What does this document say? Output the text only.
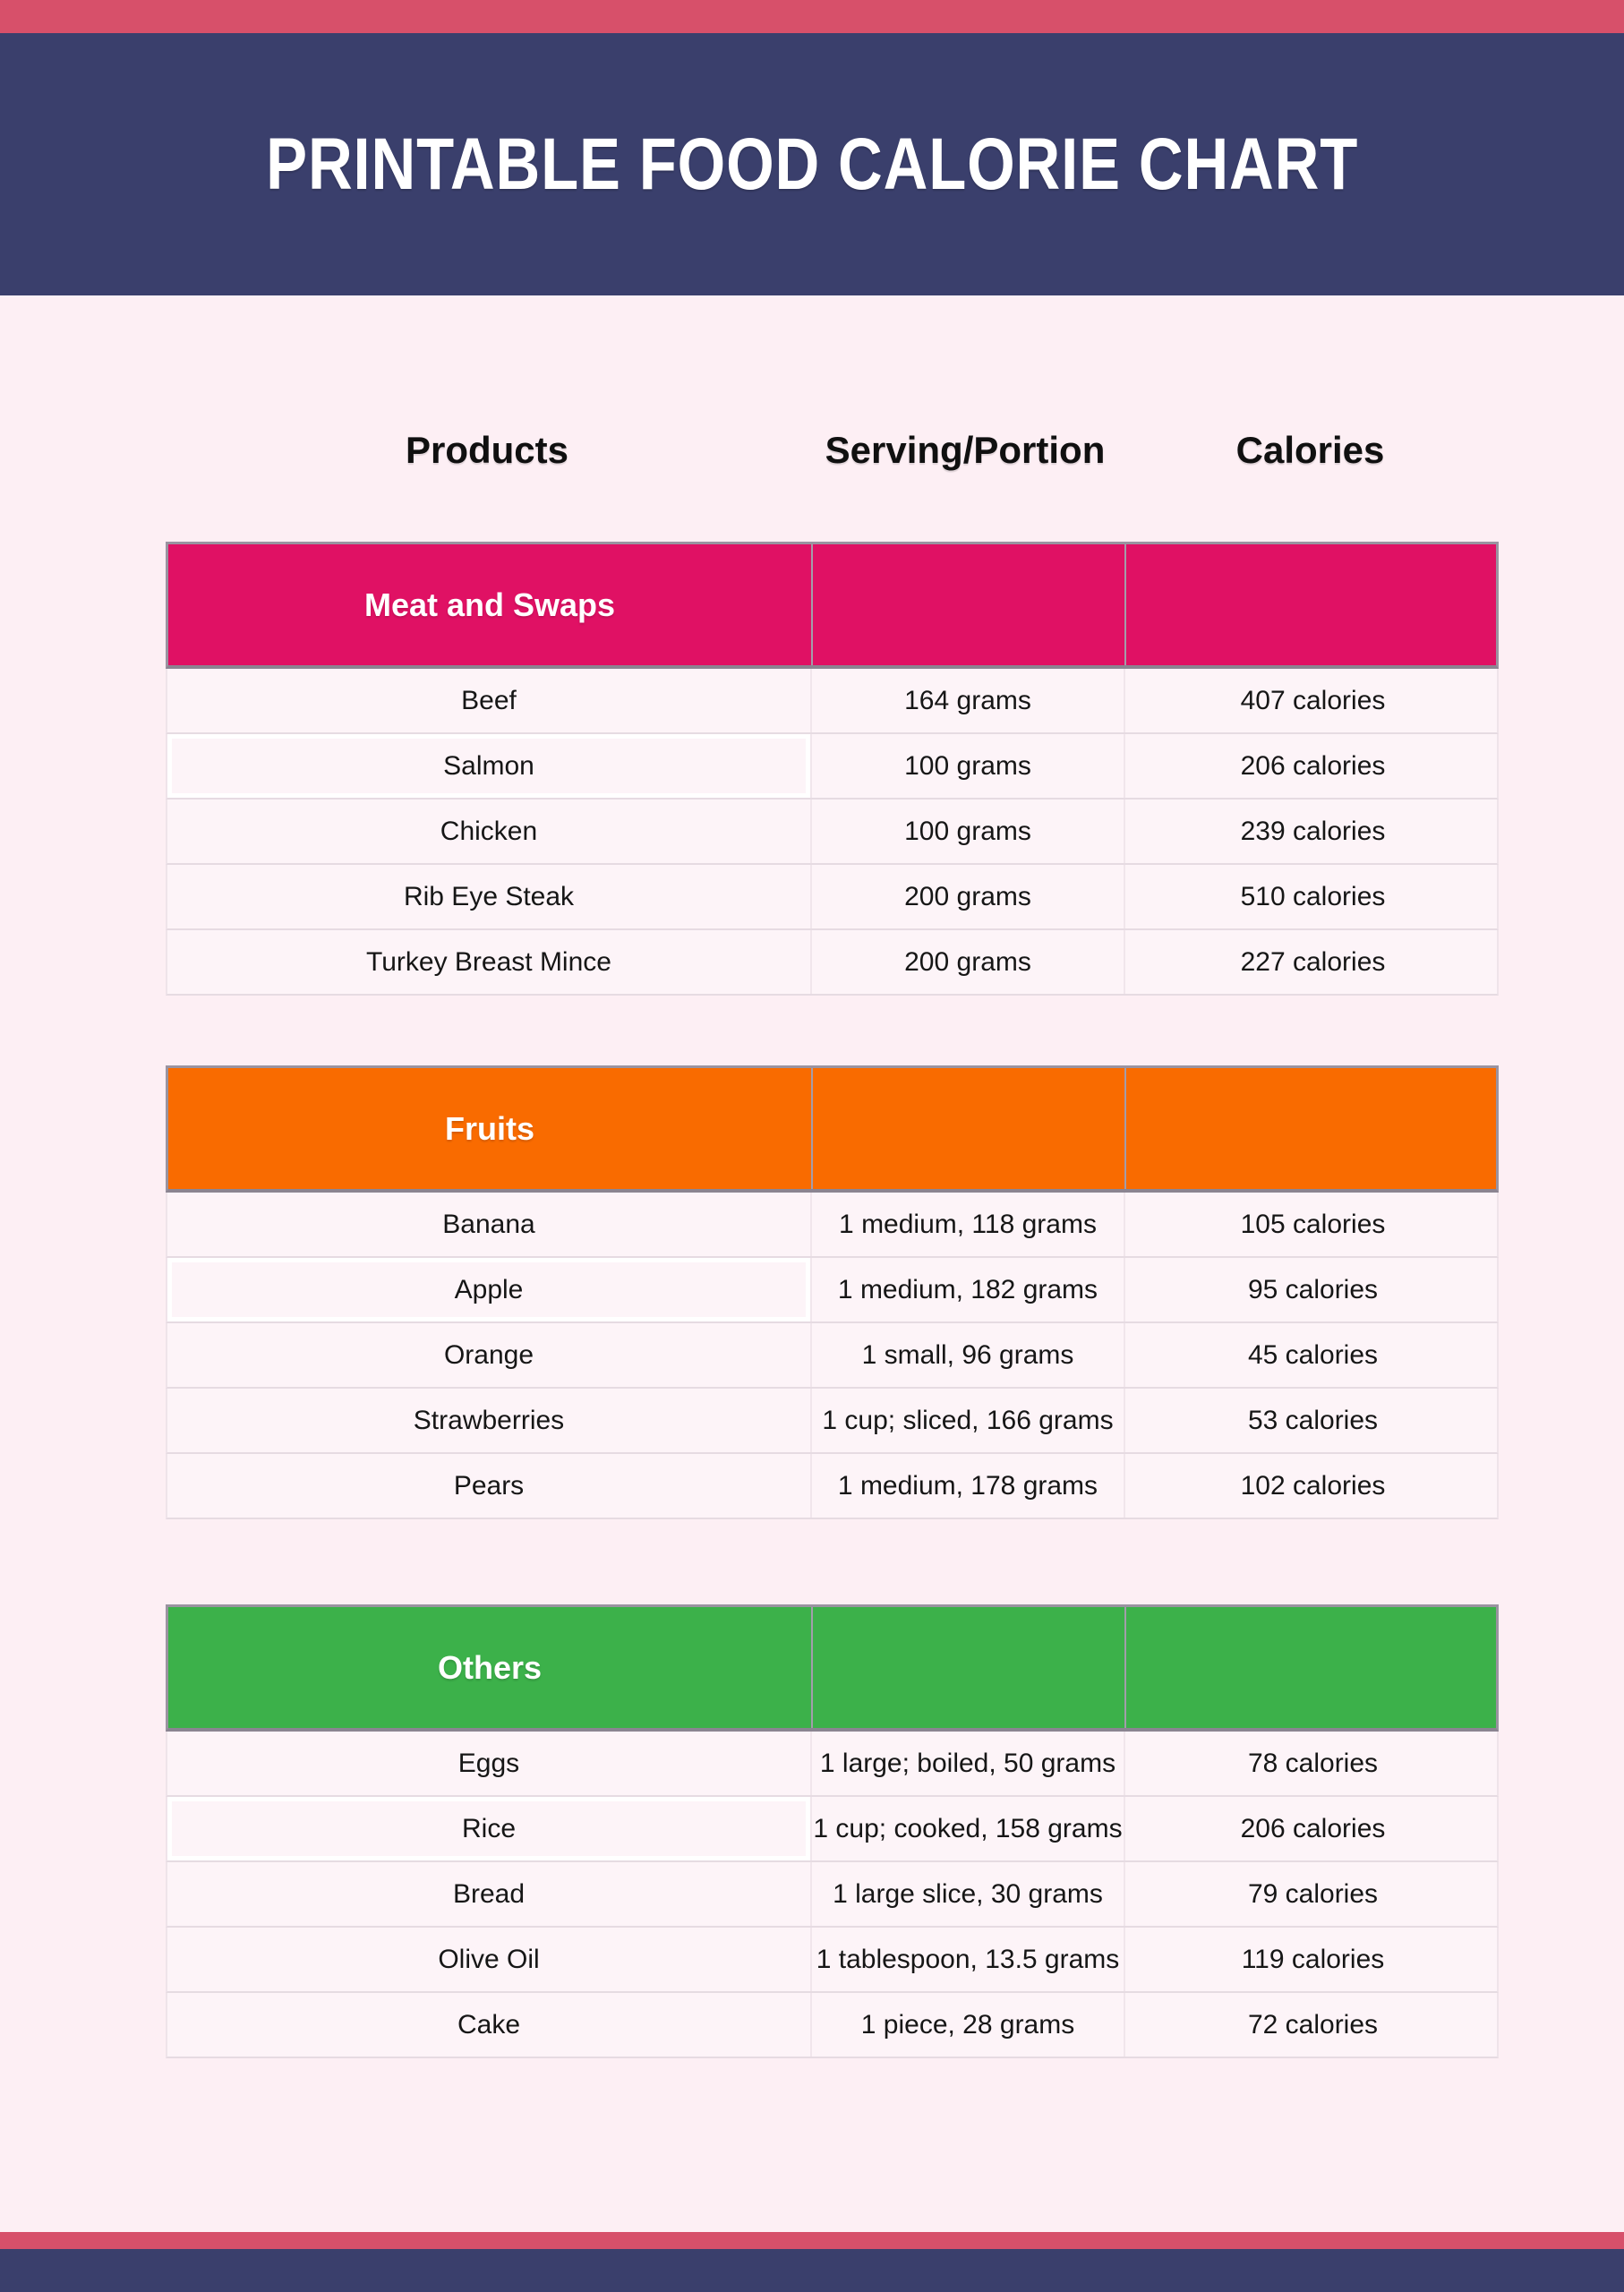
PRINTABLE FOOD CALORIE CHART
Products	Serving/Portion	Calories
Meat and Swaps
Beef	164 grams	407 calories
Salmon	100 grams	206 calories
Chicken	100 grams	239 calories
Rib Eye Steak	200 grams	510 calories
Turkey Breast Mince	200 grams	227 calories
Fruits
Banana	1 medium, 118 grams	105 calories
Apple	1 medium, 182 grams	95 calories
Orange	1 small, 96 grams	45 calories
Strawberries	1 cup; sliced, 166 grams	53 calories
Pears	1 medium, 178 grams	102 calories
Others
Eggs	1 large; boiled, 50 grams	78 calories
Rice	1 cup; cooked, 158 grams	206 calories
Bread	1 large slice, 30 grams	79 calories
Olive Oil	1 tablespoon, 13.5 grams	119 calories
Cake	1 piece, 28 grams	72 calories
